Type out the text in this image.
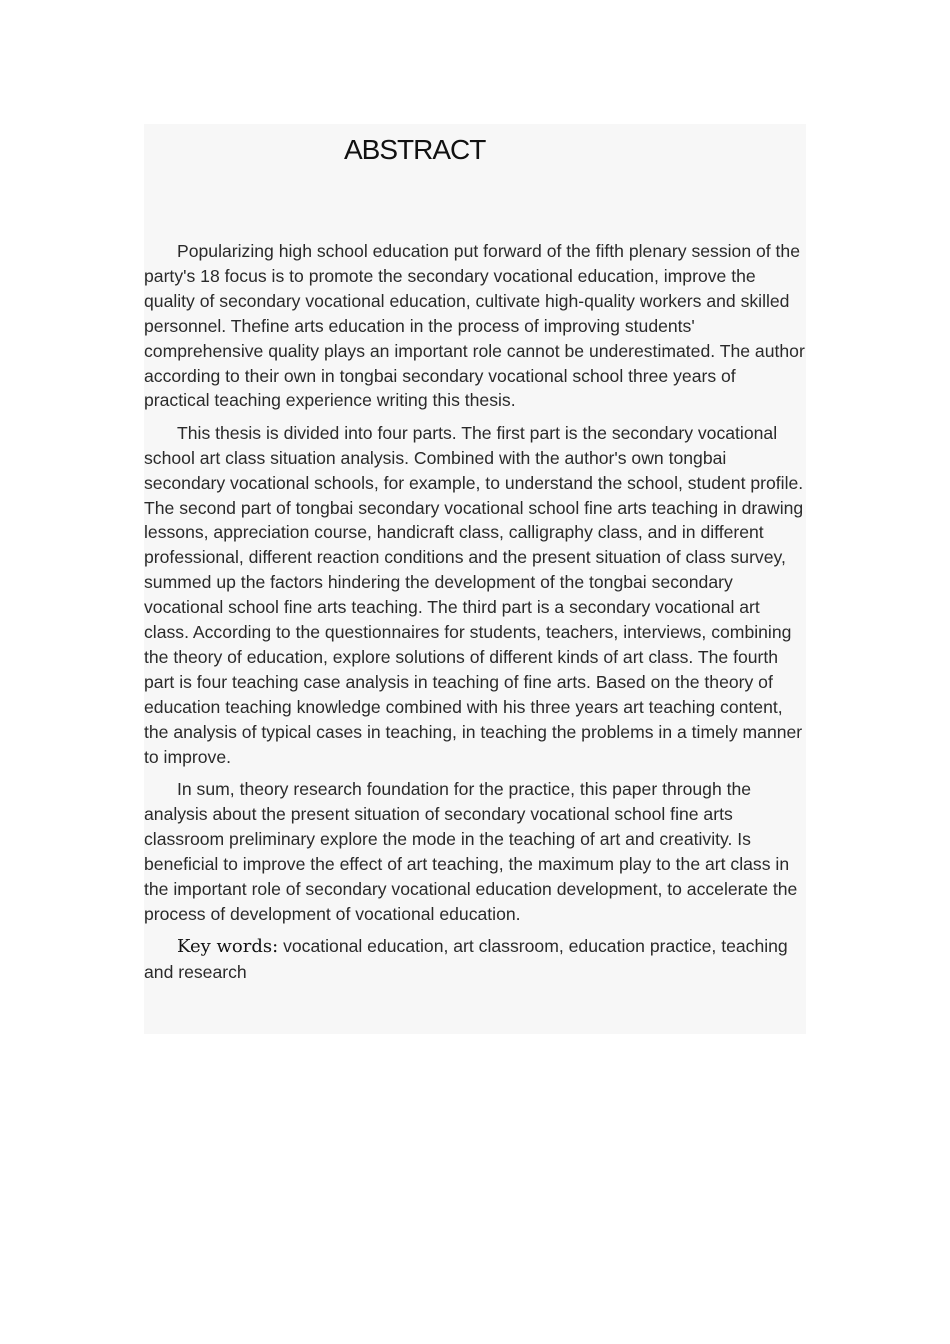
ABSTRACT

Popularizing high school education put forward of the fifth plenary session of the party's 18 focus is to promote the secondary vocational education, improve the quality of secondary vocational education, cultivate high-quality workers and skilled personnel. Thefine arts education in the process of improving students' comprehensive quality plays an important role cannot be underestimated. The author according to their own in tongbai secondary vocational school three years of practical teaching experience writing this thesis.

This thesis is divided into four parts. The first part is the secondary vocational school art class situation analysis. Combined with the author's own tongbai secondary vocational schools, for example, to understand the school, student profile. The second part of tongbai secondary vocational school fine arts teaching in drawing lessons, appreciation course, handicraft class, calligraphy class, and in different professional, different reaction conditions and the present situation of class survey, summed up the factors hindering the development of the tongbai secondary vocational school fine arts teaching. The third part is a secondary vocational art class. According to the questionnaires for students, teachers, interviews, combining the theory of education, explore solutions of different kinds of art class. The fourth part is four teaching case analysis in teaching of fine arts. Based on the theory of education teaching knowledge combined with his three years art teaching content, the analysis of typical cases in teaching, in teaching the problems in a timely manner to improve.

In sum, theory research foundation for the practice, this paper through the analysis about the present situation of secondary vocational school fine arts classroom preliminary explore the mode in the teaching of art and creativity. Is beneficial to improve the effect of art teaching, the maximum play to the art class in the important role of secondary vocational education development, to accelerate the process of development of vocational education.

Key words: vocational education, art classroom, education practice, teaching and research
